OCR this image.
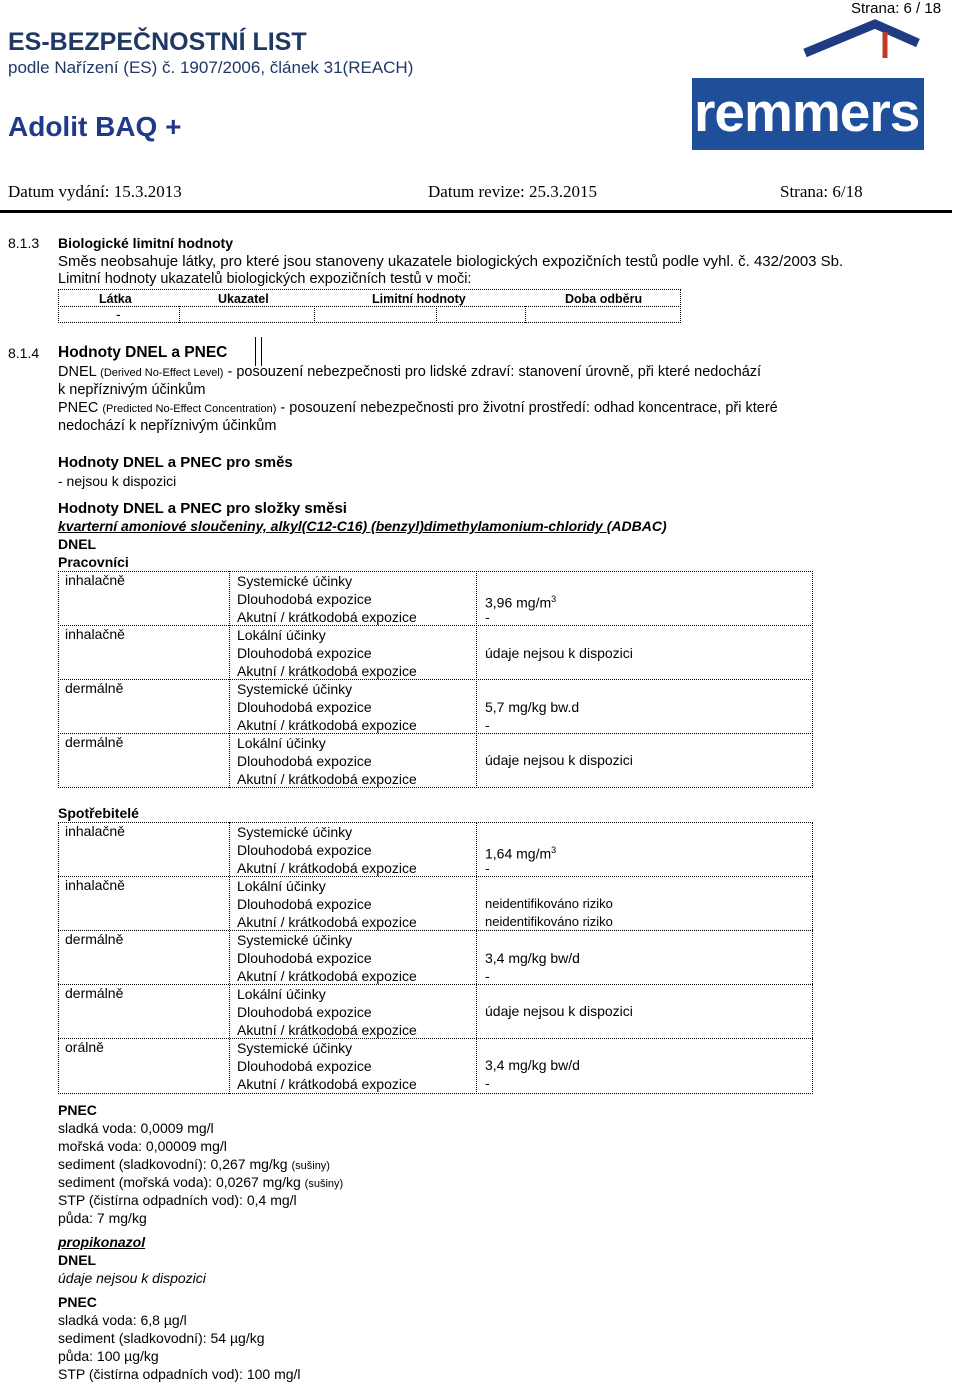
Strana: 6 / 18
ES-BEZPEČNOSTNÍ LIST
podle Nařízení (ES) č. 1907/2006, článek 31(REACH)
Adolit BAQ +	remmers
Datum vydání: 15.3.2013	Datum revize: 25.3.2015	Strana: 6/18
8.1.3 Biologické limitní hodnoty
Směs neobsahuje látky, pro které jsou stanoveny ukazatele biologických expozičních testů podle vyhl. č. 432/2003 Sb.
Limitní hodnoty ukazatelů biologických expozičních testů v moči:
Látka	Ukazatel	Limitní hodnoty	Doba odběru
-
8.1.4 Hodnoty DNEL a PNEC
DNEL (Derived No-Effect Level) - posouzení nebezpečnosti pro lidské zdraví: stanovení úrovně, při které nedochází
k nepříznivým účinkům
PNEC (Predicted No-Effect Concentration) - posouzení nebezpečnosti pro životní prostředí: odhad koncentrace, při které
nedochází k nepříznivým účinkům
Hodnoty DNEL a PNEC pro směs
- nejsou k dispozici
Hodnoty DNEL a PNEC pro složky směsi
kvarterní amoniové sloučeniny, alkyl(C12-C16) (benzyl)dimethylamonium-chloridy (ADBAC)
DNEL
Pracovníci
inhalačně	Systemické účinky
Dlouhodobá expozice
Akutní / krátkodobá expozice
3,96 $mg/m^3$
-
inhalačně	Lokální účinky
Dlouhodobá expozice
Akutní / krátkodobá expozice
údaje nejsou k dispozici
dermálně	Systemické účinky
Dlouhodobá expozice
Akutní / krátkodobá expozice
5,7 mg/kg bw.d
-
dermálně	Lokální účinky
Dlouhodobá expozice
Akutní / krátkodobá expozice
údaje nejsou k dispozici
Spotřebitelé
inhalačně	Systemické účinky
Dlouhodobá expozice
Akutní / krátkodobá expozice
1,64 $mg/m^3$
-
inhalačně	Lokální účinky
Dlouhodobá expozice
Akutní / krátkodobá expozice
neidentifikováno riziko
neidentifikováno riziko
dermálně	Systemické účinky
Dlouhodobá expozice
Akutní / krátkodobá expozice
3,4 mg/kg bw/d
-
dermálně	Lokální účinky
Dlouhodobá expozice
Akutní / krátkodobá expozice
údaje nejsou k dispozici
orálně	Systemické účinky
Dlouhodobá expozice
Akutní / krátkodobá expozice
3,4 mg/kg bw/d
-
PNEC
sladká voda: 0,0009 mg/l
mořská voda: 0,00009 mg/l
sediment (sladkovodní): 0,267 mg/kg (sušiny)
sediment (mořská voda): 0,0267 mg/kg (sušiny)
STP (čistírna odpadních vod): 0,4 mg/l
půda: 7 mg/kg
propikonazol
DNEL
údaje nejsou k dispozici
PNEC
sladká voda: 6,8 µg/l
sediment (sladkovodní): 54 µg/kg
půda: 100 µg/kg
STP (čistírna odpadních vod): 100 mg/l
